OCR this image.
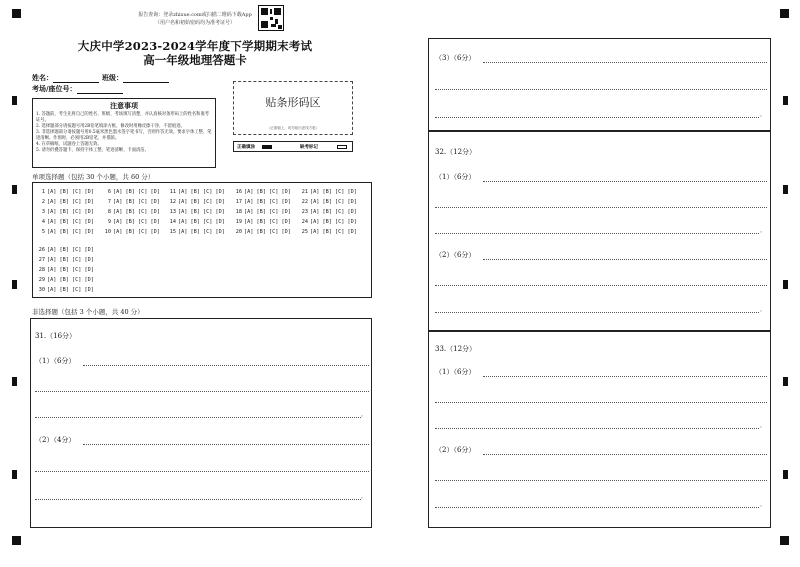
报告查询：登录zhixue.com或扫描二维码下载App
（用户名和初始密码均为准考证号）
大庆中学2023-2024学年度下学期期末考试
高一年级地理答题卡
姓名：	班级：
考场/座位号：
注意事项
1. 答题前，考生先将自己的姓名、班级、考场填写清楚，并认真核对条形码上的姓名和准考证号。
2. 选择题部分请按题号用2B铅笔填涂方框，修改时用橡皮擦干净，不留痕迹。
3. 非选择题部分请按题号用0.5毫米黑色墨水签字笔书写，否则作答无效。要求字体工整、笔迹清晰。作图时，必须用2B铅笔，并描浓。
4. 在草稿纸、试题卷上答题无效。
5. 请勿折叠答题卡，保持字体工整、笔迹清晰、卡面清洁。
贴条形码区
（正面朝上，切勿贴出虚线方框）
正确填涂	缺考标记
单项选择题（包括 30 个小题，共 60 分）
1 [A] [B] [C] [D]
2 [A] [B] [C] [D]
3 [A] [B] [C] [D]
4 [A] [B] [C] [D]
5 [A] [B] [C] [D]
6 [A] [B] [C] [D]
7 [A] [B] [C] [D]
8 [A] [B] [C] [D]
9 [A] [B] [C] [D]
10 [A] [B] [C] [D]
11 [A] [B] [C] [D]
12 [A] [B] [C] [D]
13 [A] [B] [C] [D]
14 [A] [B] [C] [D]
15 [A] [B] [C] [D]
16 [A] [B] [C] [D]
17 [A] [B] [C] [D]
18 [A] [B] [C] [D]
19 [A] [B] [C] [D]
20 [A] [B] [C] [D]
21 [A] [B] [C] [D]
22 [A] [B] [C] [D]
23 [A] [B] [C] [D]
24 [A] [B] [C] [D]
25 [A] [B] [C] [D]
26 [A] [B] [C] [D]
27 [A] [B] [C] [D]
28 [A] [B] [C] [D]
29 [A] [B] [C] [D]
30 [A] [B] [C] [D]
非选择题（包括 3 个小题，共 40 分）
31.（16分）
（1）（6分）
。
（2）（4分）
。
（3）（6分）
。
32.（12分）
（1）（6分）
。
（2）（6分）
。
33.（12分）
（1）（6分）
。
（2）（6分）
。
